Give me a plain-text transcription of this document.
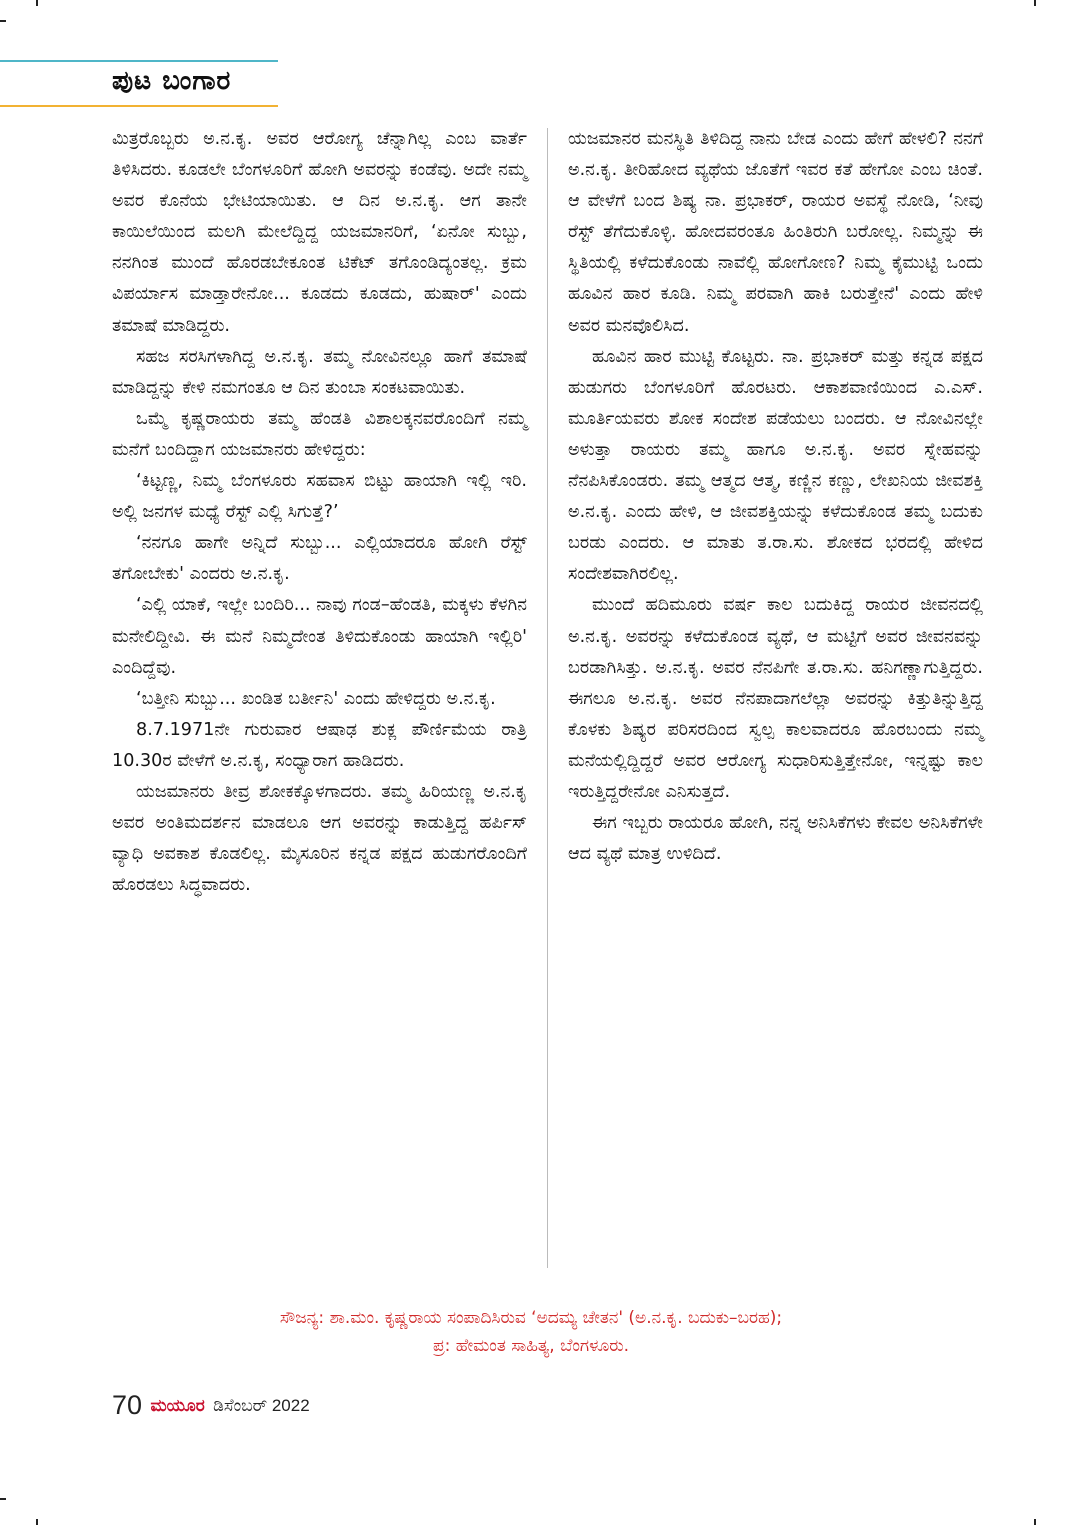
ಪುಟ ಬಂಗಾರ

ಮಿತ್ರರೊಬ್ಬರು ಅ.ನ.ಕೃ. ಅವರ ಆರೋಗ್ಯ ಚೆನ್ನಾಗಿಲ್ಲ ಎಂಬ ವಾರ್ತೆ ತಿಳಿಸಿದರು. ಕೂಡಲೇ ಬೆಂಗಳೂರಿಗೆ ಹೋಗಿ ಅವರನ್ನು ಕಂಡೆವು. ಅದೇ ನಮ್ಮ ಅವರ ಕೊನೆಯ ಭೇಟಿಯಾಯಿತು. ಆ ದಿನ ಅ.ನ.ಕೃ. ಆಗ ತಾನೇ ಕಾಯಿಲೆಯಿಂದ ಮಲಗಿ ಮೇಲೆದ್ದಿದ್ದ ಯಜಮಾನರಿಗೆ, ‘ಏನೋ ಸುಬ್ಬು, ನನಗಿಂತ ಮುಂದೆ ಹೊರಡಬೇಕೂಂತ ಟಿಕೆಟ್ ತಗೊಂಡಿದ್ಯಂತಲ್ಲ. ಕ್ರಮ ವಿಪರ್ಯಾಸ ಮಾಡ್ತಾರೇನೋ... ಕೂಡದು ಕೂಡದು, ಹುಷಾರ್' ಎಂದು ತಮಾಷೆ ಮಾಡಿದ್ದರು.

ಸಹಜ ಸರಸಿಗಳಾಗಿದ್ದ ಅ.ನ.ಕೃ. ತಮ್ಮ ನೋವಿನಲ್ಲೂ ಹಾಗೆ ತಮಾಷೆ ಮಾಡಿದ್ದನ್ನು ಕೇಳಿ ನಮಗಂತೂ ಆ ದಿನ ತುಂಬಾ ಸಂಕಟವಾಯಿತು.

ಒಮ್ಮೆ ಕೃಷ್ಣರಾಯರು ತಮ್ಮ ಹೆಂಡತಿ ವಿಶಾಲಕ್ಕನವರೊಂದಿಗೆ ನಮ್ಮ ಮನೆಗೆ ಬಂದಿದ್ದಾಗ ಯಜಮಾನರು ಹೇಳಿದ್ದರು:

‘ಕಿಟ್ಟಣ್ಣ, ನಿಮ್ಮ ಬೆಂಗಳೂರು ಸಹವಾಸ ಬಿಟ್ಟು ಹಾಯಾಗಿ ಇಲ್ಲಿ ಇರಿ. ಅಲ್ಲಿ ಜನಗಳ ಮಧ್ಯೆ ರೆಸ್ಟ್ ಎಲ್ಲಿ ಸಿಗುತ್ತೆ?’

‘ನನಗೂ ಹಾಗೇ ಅನ್ನಿದೆ ಸುಬ್ಬು... ಎಲ್ಲಿಯಾದರೂ ಹೋಗಿ ರೆಸ್ಟ್ ತಗೋಬೇಕು' ಎಂದರು ಅ.ನ.ಕೃ.

‘ಎಲ್ಲಿ ಯಾಕೆ, ಇಲ್ಲೇ ಬಂದಿರಿ... ನಾವು ಗಂಡ–ಹೆಂಡತಿ, ಮಕ್ಕಳು ಕೆಳಗಿನ ಮನೇಲಿದ್ದೀವಿ. ಈ ಮನೆ ನಿಮ್ಮದೇಂತ ತಿಳಿದುಕೊಂಡು ಹಾಯಾಗಿ ಇಲ್ಲಿರಿ' ಎಂದಿದ್ದೆವು.

‘ಬತ್ತೀನಿ ಸುಬ್ಬು... ಖಂಡಿತ ಬರ್ತೀನಿ' ಎಂದು ಹೇಳಿದ್ದರು ಅ.ನ.ಕೃ.

8.7.1971ನೇ ಗುರುವಾರ ಆಷಾಢ ಶುಕ್ಲ ಪೌರ್ಣಿಮೆಯ ರಾತ್ರಿ 10.30ರ ವೇಳೆಗೆ ಅ.ನ.ಕೃ, ಸಂಧ್ಯಾರಾಗ ಹಾಡಿದರು.

ಯಜಮಾನರು ತೀವ್ರ ಶೋಕಕ್ಕೊಳಗಾದರು. ತಮ್ಮ ಹಿರಿಯಣ್ಣ ಅ.ನ.ಕೃ ಅವರ ಅಂತಿಮದರ್ಶನ ಮಾಡಲೂ ಆಗ ಅವರನ್ನು ಕಾಡುತ್ತಿದ್ದ ಹರ್ಪಿಸ್ ವ್ಯಾಧಿ ಅವಕಾಶ ಕೊಡಲಿಲ್ಲ. ಮೈಸೂರಿನ ಕನ್ನಡ ಪಕ್ಷದ ಹುಡುಗರೊಂದಿಗೆ ಹೊರಡಲು ಸಿದ್ಧವಾದರು.

ಯಜಮಾನರ ಮನಸ್ಥಿತಿ ತಿಳಿದಿದ್ದ ನಾನು ಬೇಡ ಎಂದು ಹೇಗೆ ಹೇಳಲಿ? ನನಗೆ ಅ.ನ.ಕೃ. ತೀರಿಹೋದ ವ್ಯಥೆಯ ಜೊತೆಗೆ ಇವರ ಕತೆ ಹೇಗೋ ಎಂಬ ಚಿಂತೆ. ಆ ವೇಳೆಗೆ ಬಂದ ಶಿಷ್ಯ ನಾ. ಪ್ರಭಾಕರ್, ರಾಯರ ಅವಸ್ಥೆ ನೋಡಿ, ‘ನೀವು ರೆಸ್ಟ್ ತೆಗೆದುಕೊಳ್ಳಿ. ಹೋದವರಂತೂ ಹಿಂತಿರುಗಿ ಬರೋಲ್ಲ. ನಿಮ್ಮನ್ನು ಈ ಸ್ಥಿತಿಯಲ್ಲಿ ಕಳೆದುಕೊಂಡು ನಾವೆಲ್ಲಿ ಹೋಗೋಣ? ನಿಮ್ಮ ಕೈಮುಟ್ಟಿ ಒಂದು ಹೂವಿನ ಹಾರ ಕೂಡಿ. ನಿಮ್ಮ ಪರವಾಗಿ ಹಾಕಿ ಬರುತ್ತೇನೆ' ಎಂದು ಹೇಳಿ ಅವರ ಮನವೊಲಿಸಿದ.

ಹೂವಿನ ಹಾರ ಮುಟ್ಟಿ ಕೊಟ್ಟರು. ನಾ. ಪ್ರಭಾಕರ್ ಮತ್ತು ಕನ್ನಡ ಪಕ್ಷದ ಹುಡುಗರು ಬೆಂಗಳೂರಿಗೆ ಹೊರಟರು. ಆಕಾಶವಾಣಿಯಿಂದ ಎ.ಎಸ್. ಮೂರ್ತಿಯವರು ಶೋಕ ಸಂದೇಶ ಪಡೆಯಲು ಬಂದರು. ಆ ನೋವಿನಲ್ಲೇ ಅಳುತ್ತಾ ರಾಯರು ತಮ್ಮ ಹಾಗೂ ಅ.ನ.ಕೃ. ಅವರ ಸ್ನೇಹವನ್ನು ನೆನಪಿಸಿಕೊಂಡರು. ತಮ್ಮ ಆತ್ಮದ ಆತ್ಮ, ಕಣ್ಣಿನ ಕಣ್ಣು, ಲೇಖನಿಯ ಜೀವಶಕ್ತಿ ಅ.ನ.ಕೃ. ಎಂದು ಹೇಳಿ, ಆ ಜೀವಶಕ್ತಿಯನ್ನು ಕಳೆದುಕೊಂಡ ತಮ್ಮ ಬದುಕು ಬರಡು ಎಂದರು. ಆ ಮಾತು ತ.ರಾ.ಸು. ಶೋಕದ ಭರದಲ್ಲಿ ಹೇಳಿದ ಸಂದೇಶವಾಗಿರಲಿಲ್ಲ.

ಮುಂದೆ ಹದಿಮೂರು ವರ್ಷ ಕಾಲ ಬದುಕಿದ್ದ ರಾಯರ ಜೀವನದಲ್ಲಿ ಅ.ನ.ಕೃ. ಅವರನ್ನು ಕಳೆದುಕೊಂಡ ವ್ಯಥೆ, ಆ ಮಟ್ಟಿಗೆ ಅವರ ಜೀವನವನ್ನು ಬರಡಾಗಿಸಿತ್ತು. ಅ.ನ.ಕೃ. ಅವರ ನೆನಪಿಗೇ ತ.ರಾ.ಸು. ಹನಿಗಣ್ಣಾಗುತ್ತಿದ್ದರು. ಈಗಲೂ ಅ.ನ.ಕೃ. ಅವರ ನೆನಪಾದಾಗಲೆಲ್ಲಾ ಅವರನ್ನು ಕಿತ್ತುತಿನ್ನುತ್ತಿದ್ದ ಕೊಳಕು ಶಿಷ್ಯರ ಪರಿಸರದಿಂದ ಸ್ವಲ್ಪ ಕಾಲವಾದರೂ ಹೊರಬಂದು ನಮ್ಮ ಮನೆಯಲ್ಲಿದ್ದಿದ್ದರೆ ಅವರ ಆರೋಗ್ಯ ಸುಧಾರಿಸುತ್ತಿತ್ತೇನೋ, ಇನ್ನಷ್ಟು ಕಾಲ ಇರುತ್ತಿದ್ದರೇನೋ ಎನಿಸುತ್ತದೆ.

ಈಗ ಇಬ್ಬರು ರಾಯರೂ ಹೋಗಿ, ನನ್ನ ಅನಿಸಿಕೆಗಳು ಕೇವಲ ಅನಿಸಿಕೆಗಳೇ ಆದ ವ್ಯಥೆ ಮಾತ್ರ ಉಳಿದಿದೆ.

ಸೌಜನ್ಯ: ಶಾ.ಮಂ. ಕೃಷ್ಣರಾಯ ಸಂಪಾದಿಸಿರುವ ‘ಅದಮ್ಯ ಚೇತನ' (ಅ.ನ.ಕೃ. ಬದುಕು–ಬರಹ);
ಪ್ರ: ಹೇಮಂತ ಸಾಹಿತ್ಯ, ಬೆಂಗಳೂರು.
70 ಮಯೂರ ಡಿಸೆಂಬರ್ 2022
